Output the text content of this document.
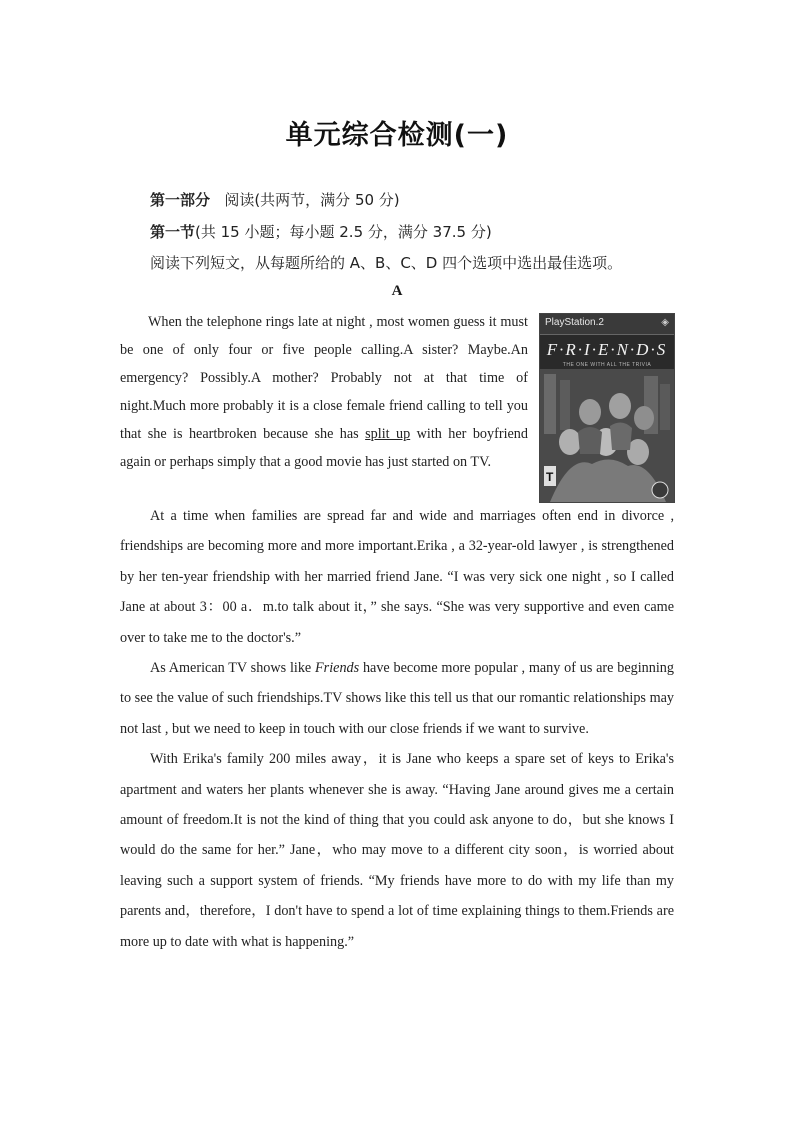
单元综合检测(一)
第一部分 阅读(共两节，满分 50 分)
第一节(共 15 小题；每小题 2.5 分，满分 37.5 分)
阅读下列短文，从每题所给的 A、B、C、D 四个选项中选出最佳选项。
A
When the telephone rings late at night , most women guess it must be one of only four or five people calling.A sister? Maybe.An emergency? Possibly.A mother? Probably not at that time of night.Much more probably it is a close female friend calling to tell you that she is heartbroken because she has split up with her boyfriend again or perhaps simply that a good movie has just started on TV.
T
PlayStation.2	◈
F·R·I·E·N·D·S
THE ONE WITH ALL THE TRIVIA

At a time when families are spread far and wide and marriages often end in divorce , friendships are becoming more and more important.Erika , a 32-year-old lawyer , is strengthened by her ten-year friendship with her married friend Jane. “I was very sick one night , so I called Jane at about 3：00 a．m.to talk about it，” she says. “She was very supportive and even came over to take me to the doctor's.”

As American TV shows like Friends have become more popular , many of us are beginning to see the value of such friendships.TV shows like this tell us that our romantic relationships may not last , but we need to keep in touch with our close friends if we want to survive.

With Erika's family 200 miles away，it is Jane who keeps a spare set of keys to Erika's apartment and waters her plants whenever she is away. “Having Jane around gives me a certain amount of freedom.It is not the kind of thing that you could ask anyone to do，but she knows I would do the same for her.” Jane，who may move to a different city soon，is worried about leaving such a support system of friends. “My friends have more to do with my life than my parents and，therefore，I don't have to spend a lot of time explaining things to them.Friends are more up to date with what is happening.”
